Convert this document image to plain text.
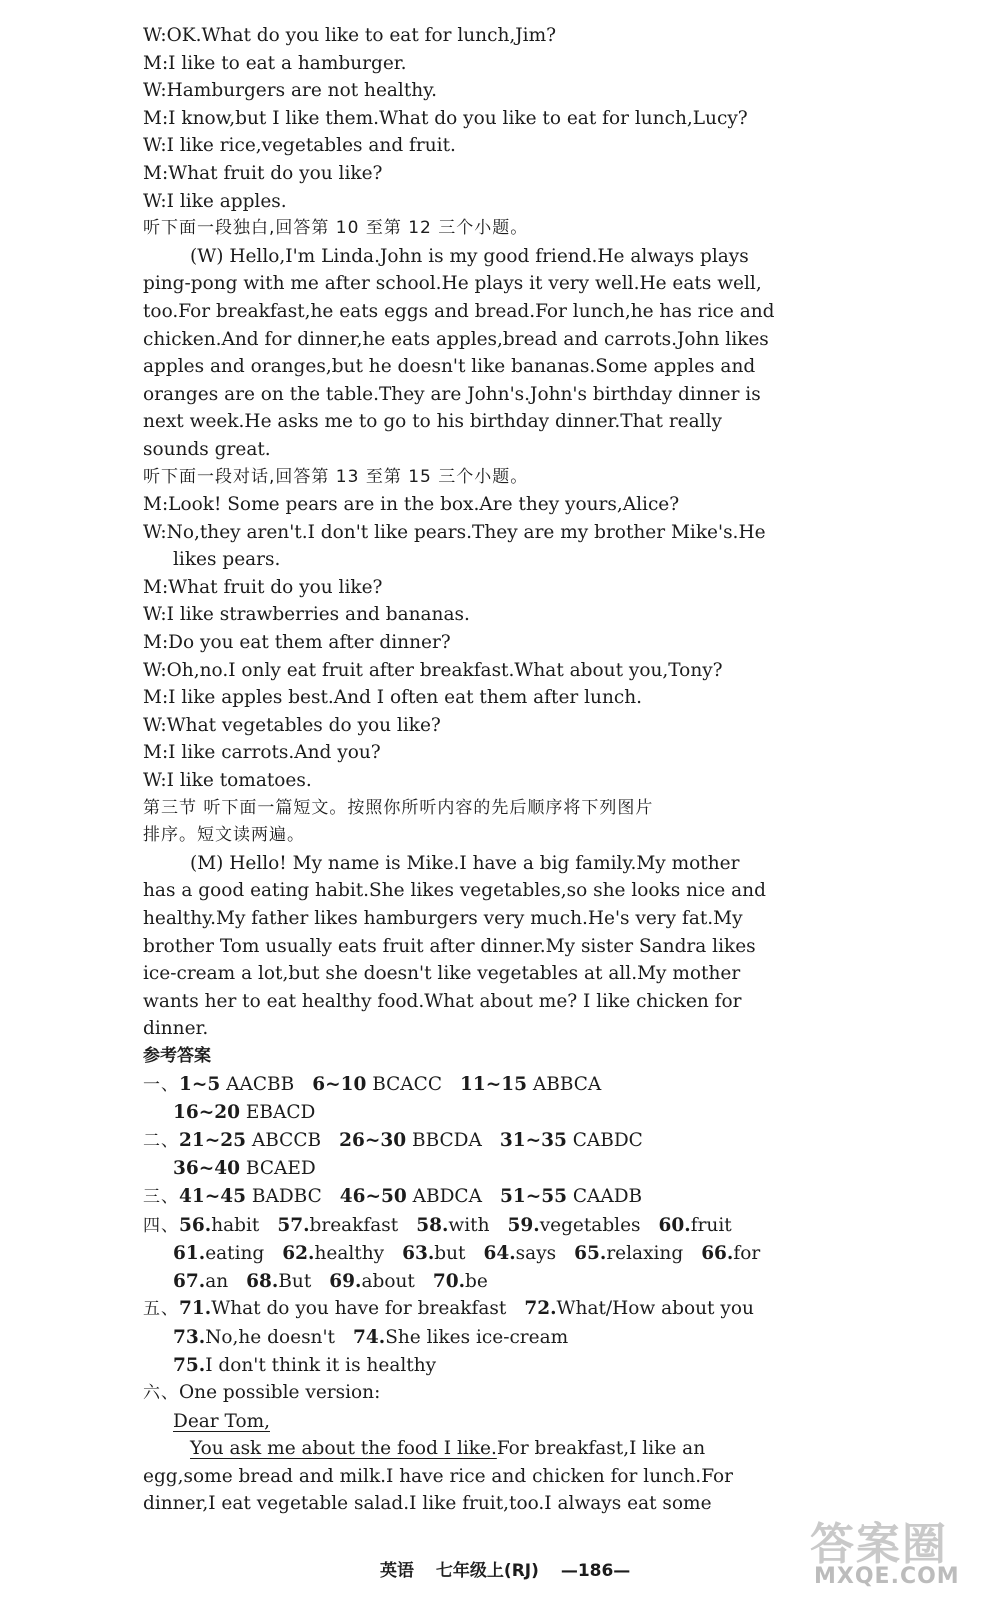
W:OK.What do you like to eat for lunch,Jim?
M:I like to eat a hamburger.
W:Hamburgers are not healthy.
M:I know,but I like them.What do you like to eat for lunch,Lucy?
W:I like rice,vegetables and fruit.
M:What fruit do you like?
W:I like apples.
听下面一段独白,回答第 10 至第 12 三个小题。
(W) Hello,I'm Linda.John is my good friend.He always plays
ping-pong with me after school.He plays it very well.He eats well,
too.For breakfast,he eats eggs and bread.For lunch,he has rice and
chicken.And for dinner,he eats apples,bread and carrots.John likes
apples and oranges,but he doesn't like bananas.Some apples and
oranges are on the table.They are John's.John's birthday dinner is
next week.He asks me to go to his birthday dinner.That really
sounds great.
听下面一段对话,回答第 13 至第 15 三个小题。
M:Look! Some pears are in the box.Are they yours,Alice?
W:No,they aren't.I don't like pears.They are my brother Mike's.He
likes pears.
M:What fruit do you like?
W:I like strawberries and bananas.
M:Do you eat them after dinner?
W:Oh,no.I only eat fruit after breakfast.What about you,Tony?
M:I like apples best.And I often eat them after lunch.
W:What vegetables do you like?
M:I like carrots.And you?
W:I like tomatoes.
第三节 听下面一篇短文。按照你所听内容的先后顺序将下列图片
排序。短文读两遍。
(M) Hello! My name is Mike.I have a big family.My mother
has a good eating habit.She likes vegetables,so she looks nice and
healthy.My father likes hamburgers very much.He's very fat.My
brother Tom usually eats fruit after dinner.My sister Sandra likes
ice-cream a lot,but she doesn't like vegetables at all.My mother
wants her to eat healthy food.What about me? I like chicken for
dinner.
参考答案
一、1~5 AACBB 6~10 BCACC 11~15 ABBCA
16~20 EBACD
二、21~25 ABCCB 26~30 BBCDA 31~35 CABDC
36~40 BCAED
三、41~45 BADBC 46~50 ABDCA 51~55 CAADB
四、56.habit 57.breakfast 58.with 59.vegetables 60.fruit
61.eating 62.healthy 63.but 64.says 65.relaxing 66.for
67.an 68.But 69.about 70.be
五、71.What do you have for breakfast 72.What/How about you
73.No,he doesn't 74.She likes ice-cream
75.I don't think it is healthy
六、One possible version:
Dear Tom,
You ask me about the food I like.For breakfast,I like an
egg,some bread and milk.I have rice and chicken for lunch.For
dinner,I eat vegetable salad.I like fruit,too.I always eat some
英语 七年级上(RJ) —186—
答案圈
MXQE.COM
